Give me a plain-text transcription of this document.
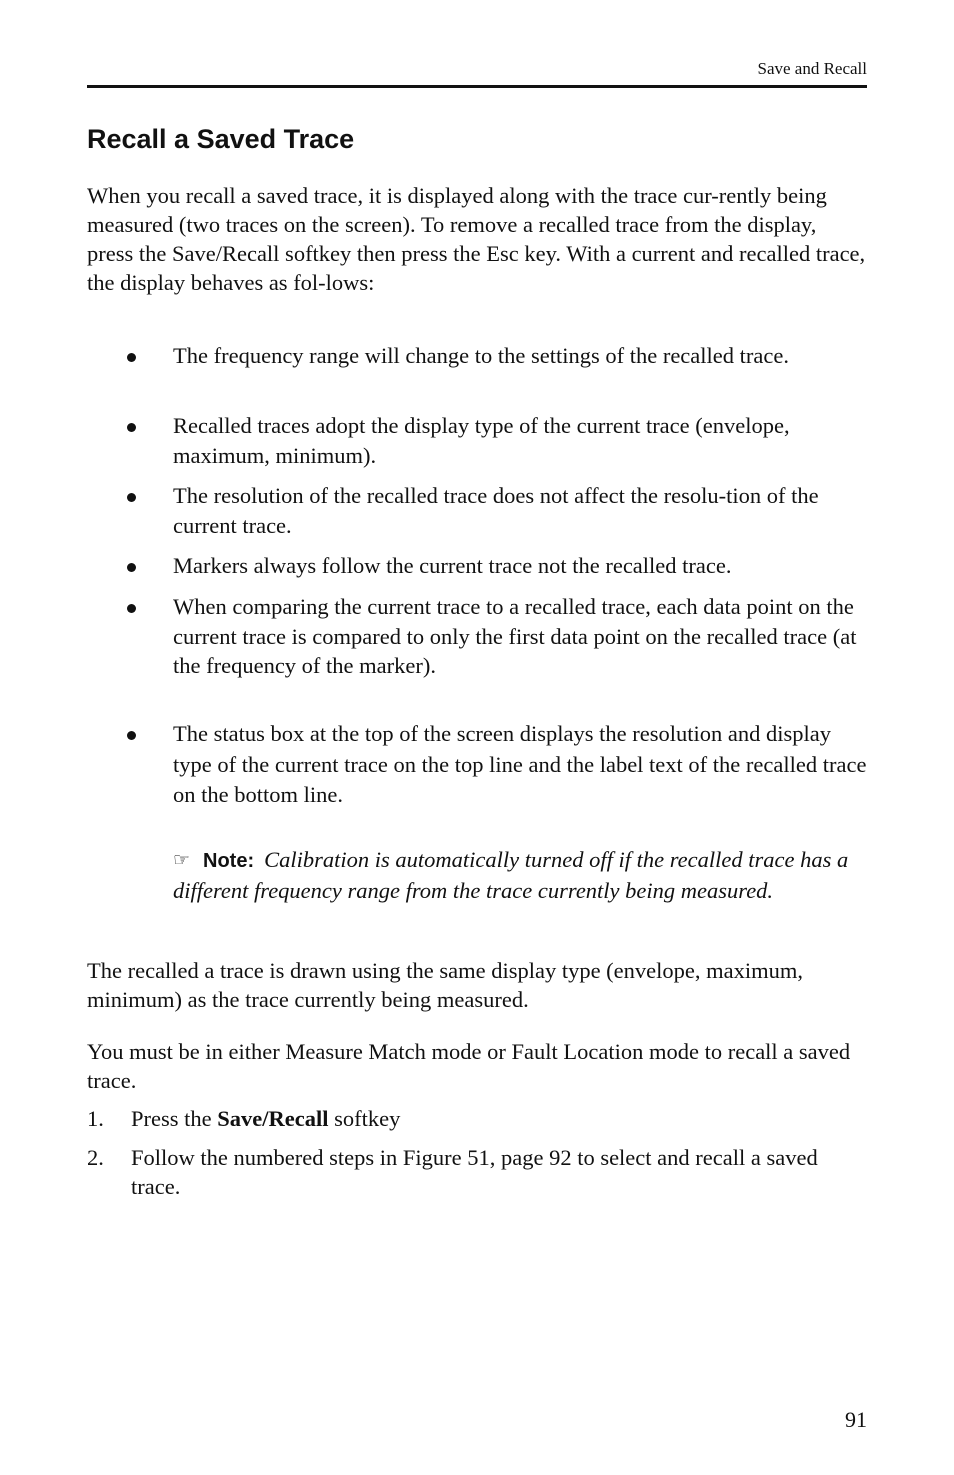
Save and Recall
Recall a Saved Trace

When you recall a saved trace, it is displayed along with the trace cur-rently being measured (two traces on the screen). To remove a recalled trace from the display, press the Save/Recall softkey then press the Esc key. With a current and recalled trace, the display behaves as fol-lows:

The frequency range will change to the settings of the recalled trace.
Recalled traces adopt the display type of the current trace (envelope, maximum, minimum).
The resolution of the recalled trace does not affect the resolu-tion of the current trace.
Markers always follow the current trace not the recalled trace.
When comparing the current trace to a recalled trace, each data point on the current trace is compared to only the first data point on the recalled trace (at the frequency of the marker).
The status box at the top of the screen displays the resolution and display type of the current trace on the top line and the label text of the recalled trace on the bottom line.

☞ Note: Calibration is automatically turned off if the recalled trace has a different frequency range from the trace currently being measured.

The recalled a trace is drawn using the same display type (envelope, maximum, minimum) as the trace currently being measured.

You must be in either Measure Match mode or Fault Location mode to recall a saved trace.

1. Press the Save/Recall softkey
2. Follow the numbered steps in Figure 51, page 92 to select and recall a saved trace.
91
